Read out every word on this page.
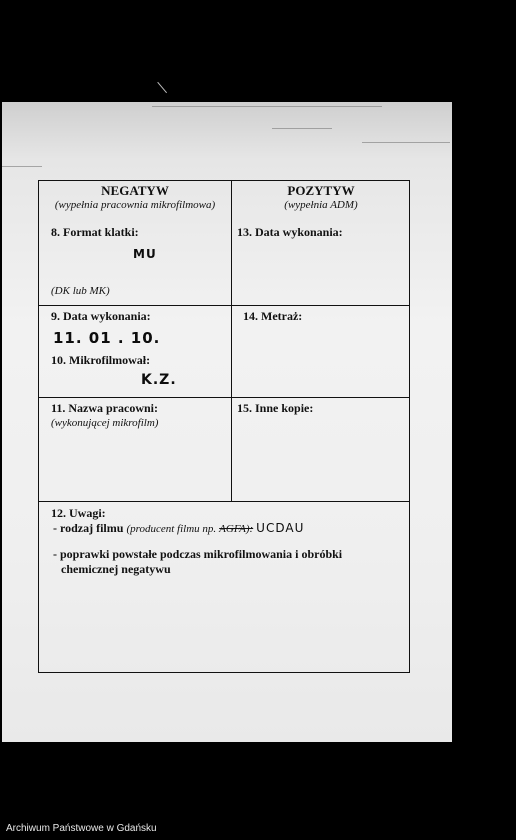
NEGATYW
(wypełnia pracownia mikrofilmowa)
POZYTYW
(wypełnia ADM)
8. Format klatki:
MU
(DK lub MK)
13. Data wykonania:
9. Data wykonania:
11. 01 . 10.
10. Mikrofilmował:
K.Z.
14. Metraż:
11. Nazwa pracowni:
(wykonującej mikrofilm)
15. Inne kopie:
12. Uwagi:
- rodzaj filmu (producent filmu np. AGFA): UCDAU
- poprawki powstałe podczas mikrofilmowania i obróbki
chemicznej negatywu
Archiwum Państwowe w Gdańsku
